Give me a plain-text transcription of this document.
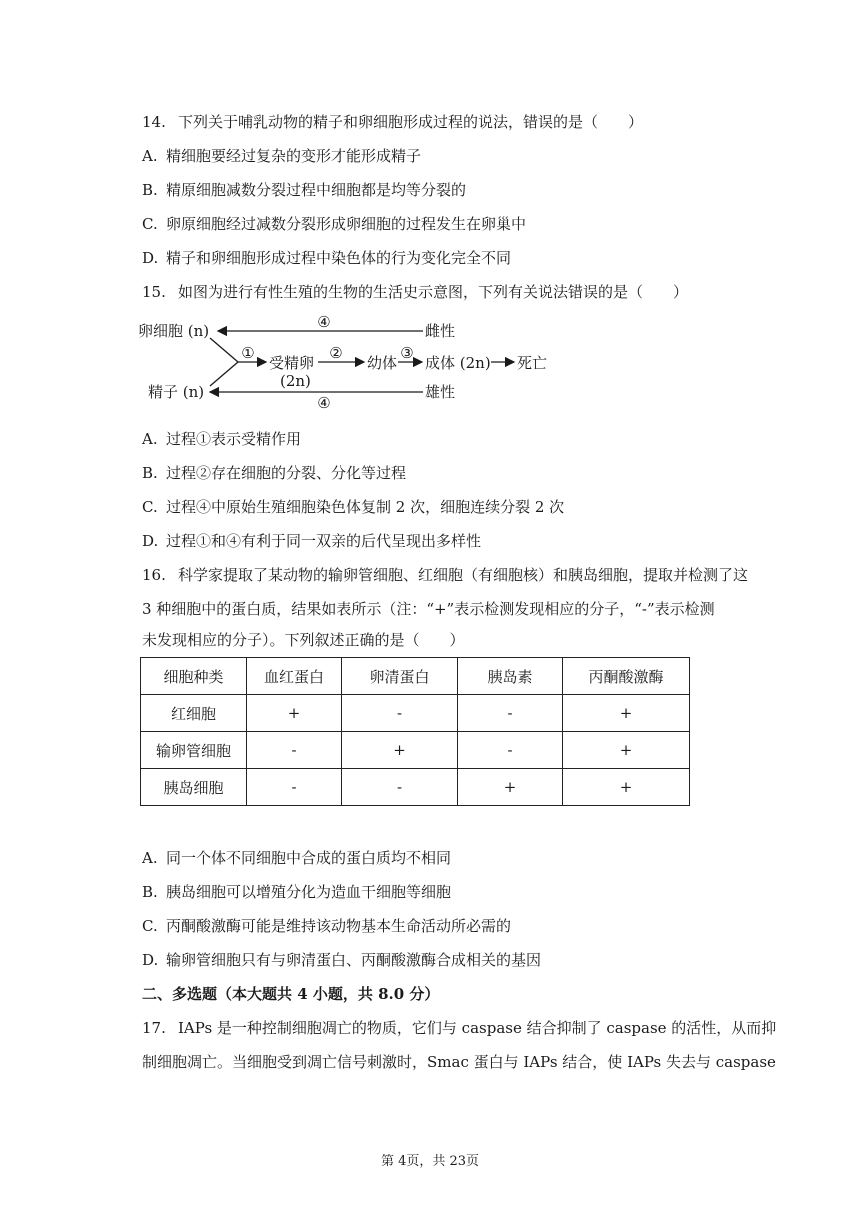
14. 下列关于哺乳动物的精子和卵细胞形成过程的说法，错误的是（　　）
A. 精细胞要经过复杂的变形才能形成精子
B. 精原细胞减数分裂过程中细胞都是均等分裂的
C. 卵原细胞经过减数分裂形成卵细胞的过程发生在卵巢中
D. 精子和卵细胞形成过程中染色体的行为变化完全不同
15. 如图为进行有性生殖的生物的生活史示意图，下列有关说法错误的是（　　）
卵细胞 (n)	④	雌性
①
受精卵
(2n)
②
幼体
③
成体 (2n) 死亡
精子 (n)
④
雄性
A. 过程①表示受精作用
B. 过程②存在细胞的分裂、分化等过程
C. 过程④中原始生殖细胞染色体复制 2 次，细胞连续分裂 2 次
D. 过程①和④有利于同一双亲的后代呈现出多样性
16. 科学家提取了某动物的输卵管细胞、红细胞（有细胞核）和胰岛细胞，提取并检测了这
3 种细胞中的蛋白质，结果如表所示（注：“+”表示检测发现相应的分子，“-”表示检测
未发现相应的分子）。下列叙述正确的是（　　）
细胞种类	血红蛋白	卵清蛋白	胰岛素	丙酮酸激酶
红细胞	+	-	-	+
输卵管细胞	-	+	-	+
胰岛细胞	-	-	+	+
A. 同一个体不同细胞中合成的蛋白质均不相同
B. 胰岛细胞可以增殖分化为造血干细胞等细胞
C. 丙酮酸激酶可能是维持该动物基本生命活动所必需的
D. 输卵管细胞只有与卵清蛋白、丙酮酸激酶合成相关的基因
二、多选题（本大题共 4 小题，共 8.0 分）
17. IAPs 是一种控制细胞凋亡的物质，它们与 caspase 结合抑制了 caspase 的活性，从而抑
制细胞凋亡。当细胞受到凋亡信号刺激时，Smac 蛋白与 IAPs 结合，使 IAPs 失去与 caspase
第 4页，共 23页
